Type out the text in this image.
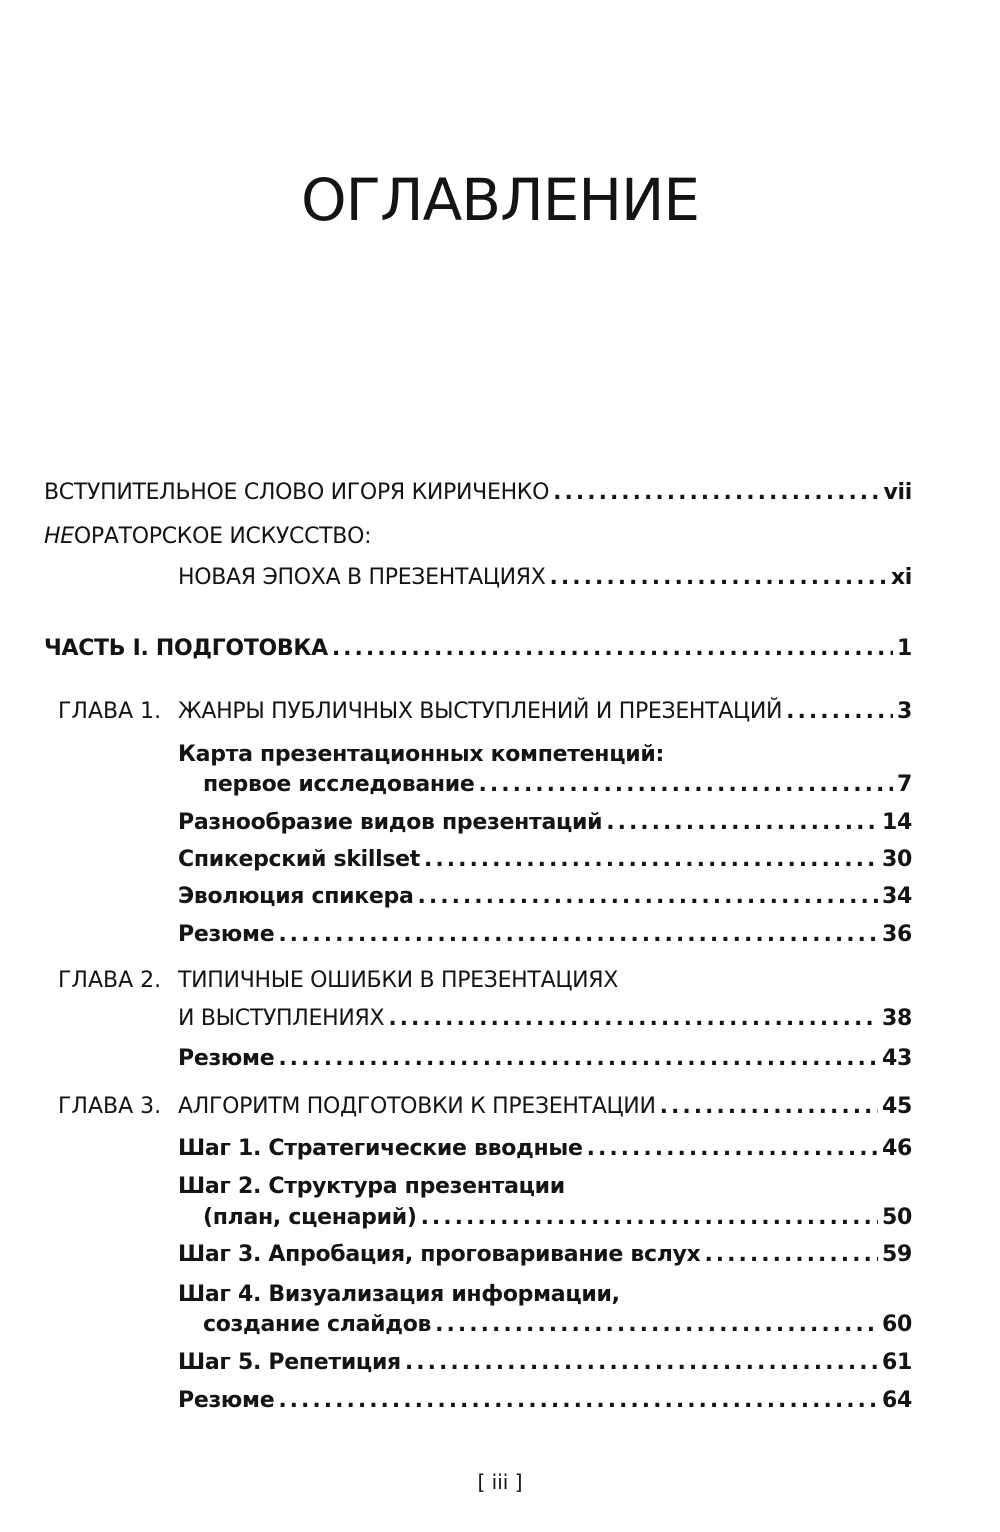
ОГЛАВЛЕНИЕ
ВСТУПИТЕЛЬНОЕ СЛОВО ИГОРЯ КИРИЧЕНКО .....	vii
НЕОРАТОРСКОЕ ИСКУССТВО:
НОВАЯ ЭПОХА В ПРЕЗЕНТАЦИЯХ .....	xi
ЧАСТЬ I. ПОДГОТОВКА .....	1
ГЛАВА 1. ЖАНРЫ ПУБЛИЧНЫХ ВЫСТУПЛЕНИЙ И ПРЕЗЕНТАЦИЙ .....	3
Карта презентационных компетенций:
первое исследование .....	7
Разнообразие видов презентаций .....	14
Спикерский skillset .....	30
Эволюция спикера .....	34
Резюме .....	36
ГЛАВА 2. ТИПИЧНЫЕ ОШИБКИ В ПРЕЗЕНТАЦИЯХ
И ВЫСТУПЛЕНИЯХ .....	38
Резюме .....	43
ГЛАВА 3. АЛГОРИТМ ПОДГОТОВКИ К ПРЕЗЕНТАЦИИ .....	45
Шаг 1. Стратегические вводные .....	46
Шаг 2. Структура презентации
(план, сценарий) .....	50
Шаг 3. Апробация, проговаривание вслух .....	59
Шаг 4. Визуализация информации,
создание слайдов .....	60
Шаг 5. Репетиция .....	61
Резюме .....	64
[ iii ]
